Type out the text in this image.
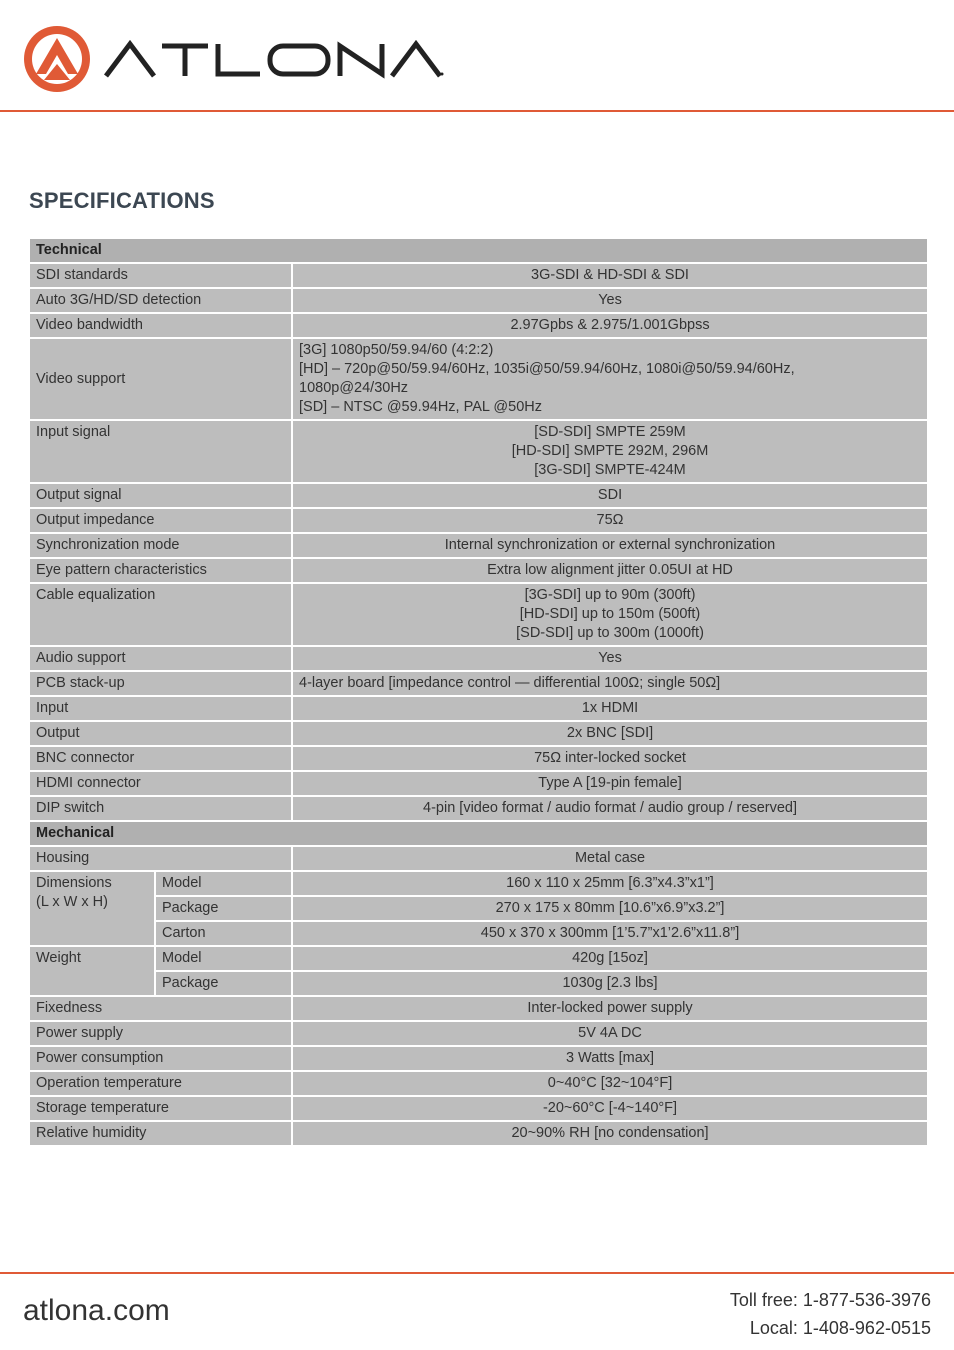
SPECIFICATIONS
Technical		
SDI standards		3G-SDI & HD-SDI & SDI
Auto 3G/HD/SD detection		Yes
Video bandwidth		2.97Gpbs & 2.975/1.001Gbpss
Video support		[3G] 1080p50/59.94/60 (4:2:2)
[HD] – 720p@50/59.94/60Hz, 1035i@50/59.94/60Hz, 1080i@50/59.94/60Hz,
1080p@24/30Hz
[SD] – NTSC @59.94Hz, PAL @50Hz

Input signal		[SD-SDI] SMPTE 259M
[HD-SDI] SMPTE 292M, 296M
[3G-SDI] SMPTE-424M

Output signal		SDI
Output impedance		75Ω
Synchronization mode		Internal synchronization or external synchronization
Eye pattern characteristics		Extra low alignment jitter 0.05UI at HD
Cable equalization		[3G-SDI] up to 90m (300ft)
[HD-SDI] up to 150m (500ft)
[SD-SDI] up to 300m (1000ft)

Audio support		Yes
PCB stack-up		4-layer board [impedance control — differential 100Ω; single 50Ω]
Input		1x HDMI
Output		2x BNC [SDI]
BNC connector		75Ω inter-locked socket
HDMI connector		Type A [19-pin female]
DIP switch		4-pin [video format / audio format / audio group / reserved]
Mechanical		
Housing		Metal case

Dimensions
(L x W x H)	Model	160 x 110 x 25mm [6.3”x4.3”x1”]
	Package	270 x 175 x 80mm [10.6”x6.9”x3.2”]
	Carton	450 x 370 x 300mm [1’5.7”x1’2.6”x11.8”]
Weight	Model	420g [15oz]
	Package	1030g [2.3 lbs]
Fixedness		Inter-locked power supply
Power supply		5V 4A DC
Power consumption		3 Watts [max]
Operation temperature		0~40°C [32~104°F]
Storage temperature		-20~60°C [-4~140°F]
Relative humidity		20~90% RH [no condensation]
atlona.com	Toll free: 1-877-536-3976
Local: 1-408-962-0515
